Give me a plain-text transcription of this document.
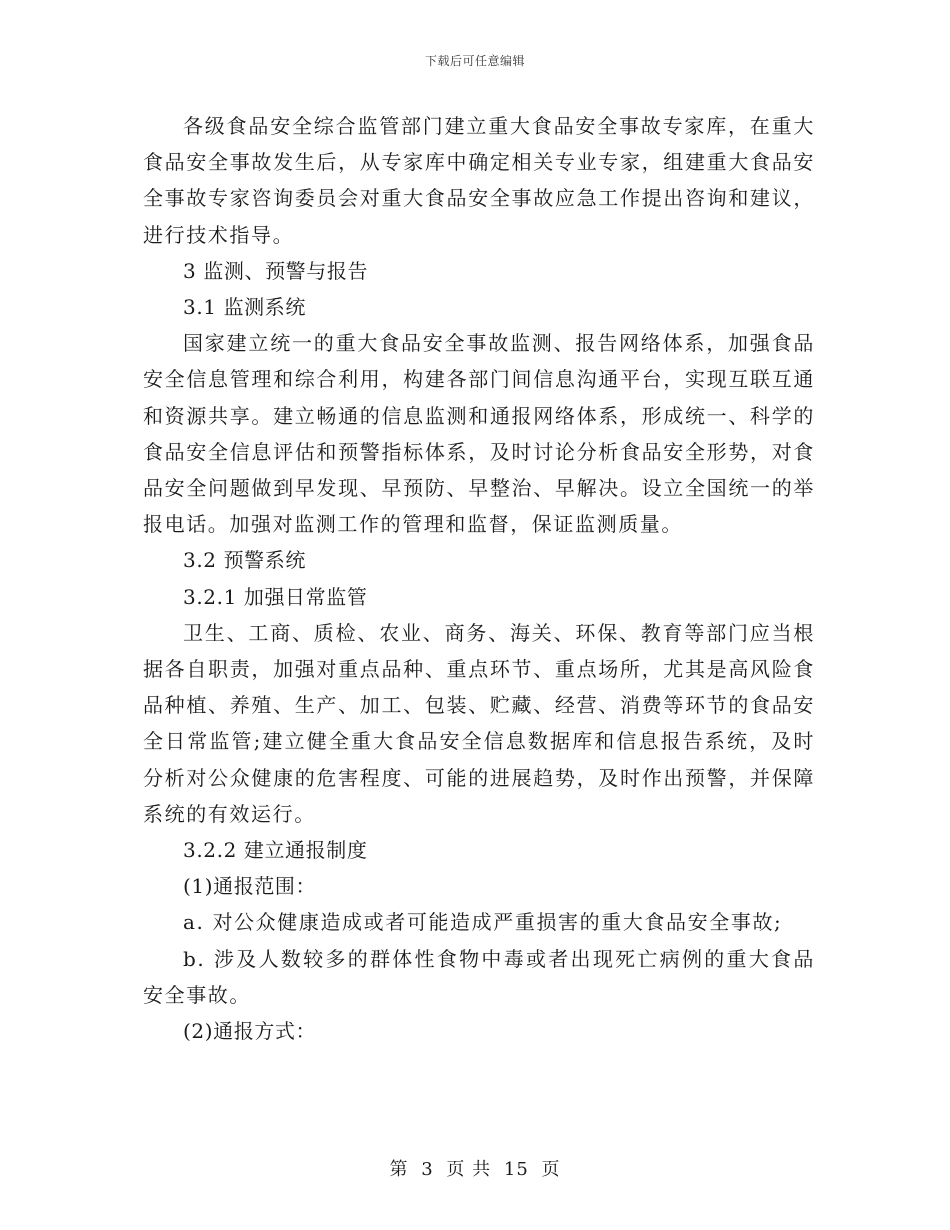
下载后可任意编辑

各级食品安全综合监管部门建立重大食品安全事故专家库，在重大食品安全事故发生后，从专家库中确定相关专业专家，组建重大食品安全事故专家咨询委员会对重大食品安全事故应急工作提出咨询和建议，进行技术指导。

3 监测、预警与报告

3.1 监测系统

国家建立统一的重大食品安全事故监测、报告网络体系，加强食品安全信息管理和综合利用，构建各部门间信息沟通平台，实现互联互通和资源共享。建立畅通的信息监测和通报网络体系，形成统一、科学的食品安全信息评估和预警指标体系，及时讨论分析食品安全形势，对食品安全问题做到早发现、早预防、早整治、早解决。设立全国统一的举报电话。加强对监测工作的管理和监督，保证监测质量。

3.2 预警系统

3.2.1 加强日常监管

卫生、工商、质检、农业、商务、海关、环保、教育等部门应当根据各自职责，加强对重点品种、重点环节、重点场所，尤其是高风险食品种植、养殖、生产、加工、包装、贮藏、经营、消费等环节的食品安全日常监管;建立健全重大食品安全信息数据库和信息报告系统，及时分析对公众健康的危害程度、可能的进展趋势，及时作出预警，并保障系统的有效运行。

3.2.2 建立通报制度

(1)通报范围：

a. 对公众健康造成或者可能造成严重损害的重大食品安全事故;

b. 涉及人数较多的群体性食物中毒或者出现死亡病例的重大食品安全事故。

(2)通报方式：

第 3 页 共 15 页
